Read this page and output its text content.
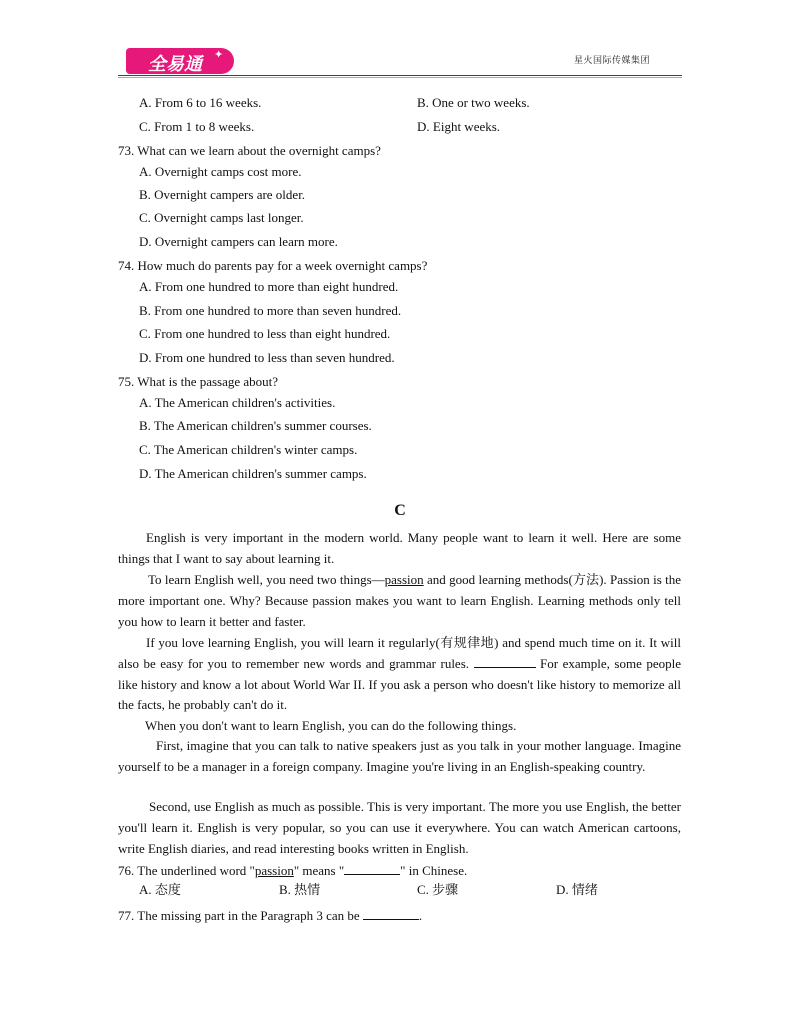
全易通 ✦	星火国际传媒集团
A. From 6 to 16 weeks.	B. One or two weeks.
C. From 1 to 8 weeks.	D. Eight weeks.
73. What can we learn about the overnight camps?
A. Overnight camps cost more.
B. Overnight campers are older.
C. Overnight camps last longer.
D. Overnight campers can learn more.
74. How much do parents pay for a week overnight camps?
A. From one hundred to more than eight hundred.
B. From one hundred to more than seven hundred.
C. From one hundred to less than eight hundred.
D. From one hundred to less than seven hundred.
75. What is the passage about?
A. The American children's activities.
B. The American children's summer courses.
C. The American children's winter camps.
D. The American children's summer camps.
C
English is very important in the modern world. Many people want to learn it well. Here are some things that I want to say about learning it.
To learn English well, you need two things—passion and good learning methods(方法). Passion is the more important one. Why? Because passion makes you want to learn English. Learning methods only tell you how to learn it better and faster.
If you love learning English, you will learn it regularly(有规律地) and spend much time on it. It will also be easy for you to remember new words and grammar rules.	For example, some people like history and know a lot about World War II. If you ask a person who doesn't like history to memorize all the facts, he probably can't do it.
When you don't want to learn English, you can do the following things.
First, imagine that you can talk to native speakers just as you talk in your mother language. Imagine yourself to be a manager in a foreign company. Imagine you're living in an English-speaking country.
Second, use English as much as possible. This is very important. The more you use English, the better you'll learn it. English is very popular, so you can use it everywhere. You can watch American cartoons, write English diaries, and read interesting books written in English.
76. The underlined word "passion" means "	" in Chinese.
A. 态度	B. 热情	C. 步骤	D. 情绪
77. The missing part in the Paragraph 3 can be	.
